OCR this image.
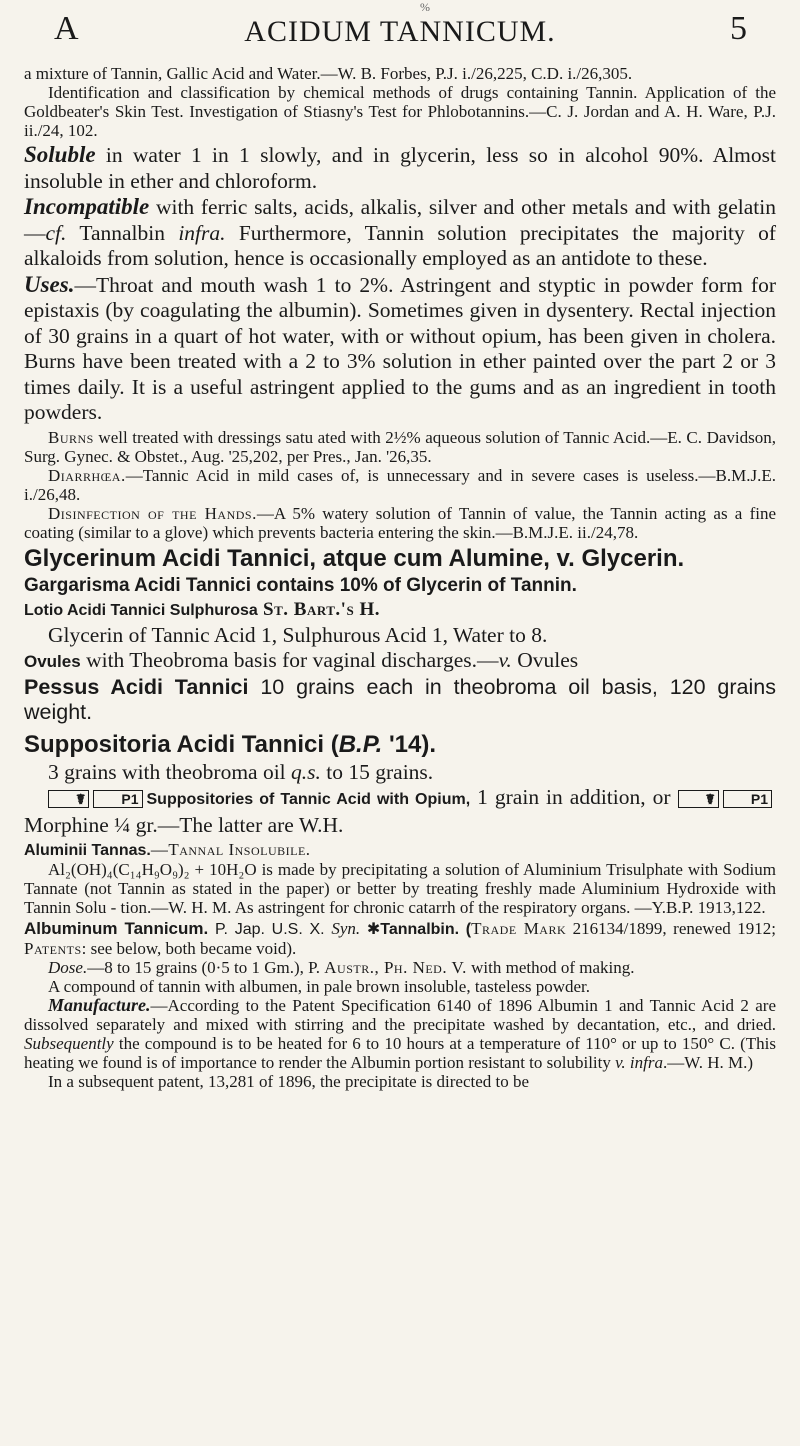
A
%
ACIDUM TANNICUM.	5

a mixture of Tannin, Gallic Acid and Water.—W. B. Forbes, P.J. i./26,225, C.D. i./26,305.

Identification and classification by chemical methods of drugs containing Tannin. Application of the Goldbeater's Skin Test. Investigation of Stiasny's Test for Phlobotannins.—C. J. Jordan and A. H. Ware, P.J. ii./24, 102.

Soluble in water 1 in 1 slowly, and in glycerin, less so in alcohol 90%. Almost insoluble in ether and chloroform.

Incompatible with ferric salts, acids, alkalis, silver and other metals and with gelatin—cf. Tannalbin infra. Furthermore, Tannin solution precipitates the majority of alkaloids from solution, hence is occasionally employed as an antidote to these.

Uses.—Throat and mouth wash 1 to 2%. Astringent and styptic in powder form for epistaxis (by coagulating the albumin). Sometimes given in dysentery. Rectal injection of 30 grains in a quart of hot water, with or without opium, has been given in cholera. Burns have been treated with a 2 to 3% solution in ether painted over the part 2 or 3 times daily. It is a useful astringent applied to the gums and as an ingredient in tooth powders.

Burns well treated with dressings satu ated with 2½% aqueous solution of Tannic Acid.—E. C. Davidson, Surg. Gynec. & Obstet., Aug. '25,202, per Pres., Jan. '26,35.

Diarrhœa.—Tannic Acid in mild cases of, is unnecessary and in severe cases is useless.—B.M.J.E. i./26,48.

Disinfection of the Hands.—A 5% watery solution of Tannin of value, the Tannin acting as a fine coating (similar to a glove) which prevents bacteria entering the skin.—B.M.J.E. ii./24,78.

Glycerinum Acidi Tannici, atque cum Alumine, v. Glycerin.

Gargarisma Acidi Tannici contains 10% of Glycerin of Tannin.

Lotio Acidi Tannici Sulphurosa St. Bart.'s H.

Glycerin of Tannic Acid 1, Sulphurous Acid 1, Water to 8.

Ovules with Theobroma basis for vaginal discharges.—v. Ovules

Pessus Acidi Tannici 10 grains each in theobroma oil basis, 120 grains weight.

Suppositoria Acidi Tannici (B.P. '14).

3 grains with theobroma oil q.s. to 15 grains.

☤	P1 Suppositories of Tannic Acid with Opium, 1 grain in addition, or ☤	P1 Morphine ¼ gr.—The latter are W.H.

Aluminii Tannas.—Tannal Insolubile.

Al₂(OH)₄(C₁₄H₉O₉)₂ + 10H₂O is made by precipitating a solution of Aluminium Trisulphate with Sodium Tannate (not Tannin as stated in the paper) or better by treating freshly made Aluminium Hydroxide with Tannin Solu - tion.—W. H. M. As astringent for chronic catarrh of the respiratory organs. —Y.B.P. 1913,122.

Albuminum Tannicum. P. Jap. U.S. X. Syn. ✱Tannalbin. (Trade Mark 216134/1899, renewed 1912; Patents: see below, both became void).

Dose.—8 to 15 grains (0·5 to 1 Gm.), P. Austr., Ph. Ned. V. with method of making.

A compound of tannin with albumen, in pale brown insoluble, tasteless powder.

Manufacture.—According to the Patent Specification 6140 of 1896 Albumin 1 and Tannic Acid 2 are dissolved separately and mixed with stirring and the precipitate washed by decantation, etc., and dried. Subsequently the compound is to be heated for 6 to 10 hours at a temperature of 110° or up to 150° C. (This heating we found is of importance to render the Albumin portion resistant to solubility v. infra.—W. H. M.)

In a subsequent patent, 13,281 of 1896, the precipitate is directed to be
